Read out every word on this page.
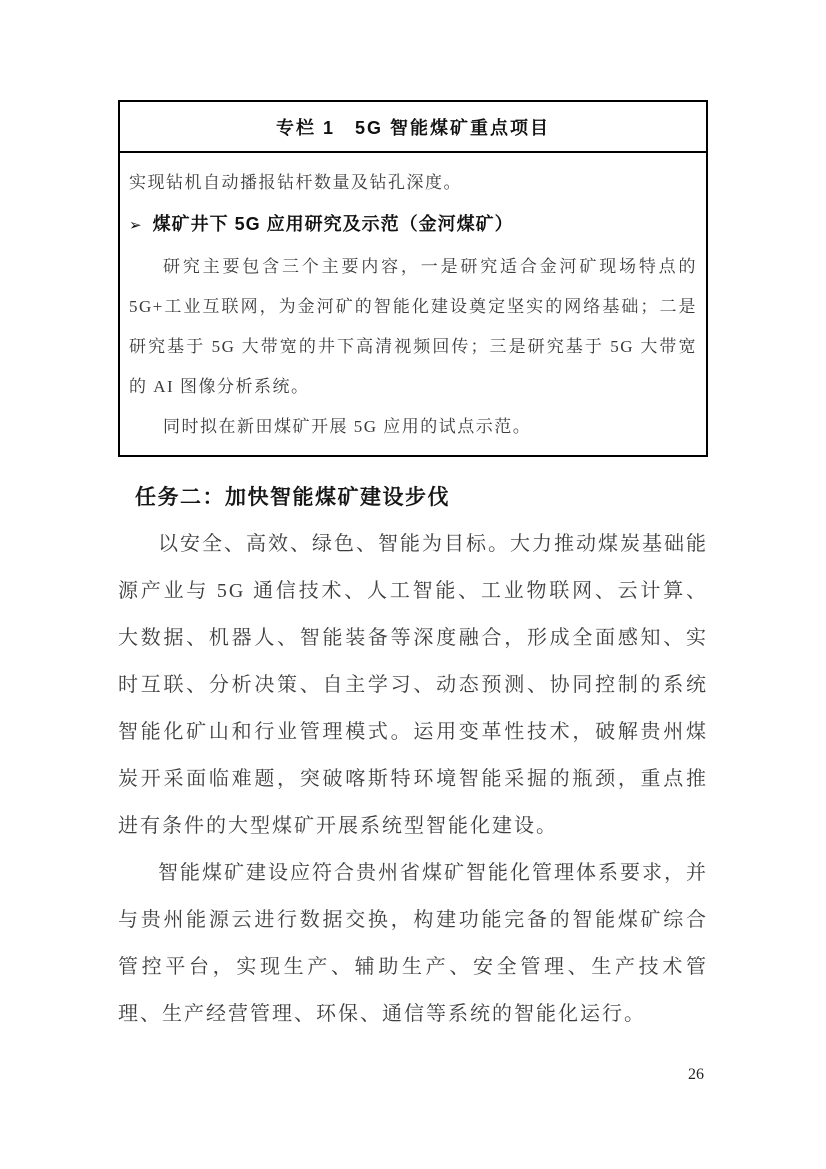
专栏 1　5G 智能煤矿重点项目

实现钻机自动播报钻杆数量及钻孔深度。

➢ 煤矿井下 5G 应用研究及示范（金河煤矿）

研究主要包含三个主要内容，一是研究适合金河矿现场特点的 5G+工业互联网，为金河矿的智能化建设奠定坚实的网络基础；二是研究基于 5G 大带宽的井下高清视频回传；三是研究基于 5G 大带宽的 AI 图像分析系统。

同时拟在新田煤矿开展 5G 应用的试点示范。

任务二：加快智能煤矿建设步伐

以安全、高效、绿色、智能为目标。大力推动煤炭基础能源产业与 5G 通信技术、人工智能、工业物联网、云计算、大数据、机器人、智能装备等深度融合，形成全面感知、实时互联、分析决策、自主学习、动态预测、协同控制的系统智能化矿山和行业管理模式。运用变革性技术，破解贵州煤炭开采面临难题，突破喀斯特环境智能采掘的瓶颈，重点推进有条件的大型煤矿开展系统型智能化建设。

智能煤矿建设应符合贵州省煤矿智能化管理体系要求，并与贵州能源云进行数据交换，构建功能完备的智能煤矿综合管控平台，实现生产、辅助生产、安全管理、生产技术管理、生产经营管理、环保、通信等系统的智能化运行。

26
